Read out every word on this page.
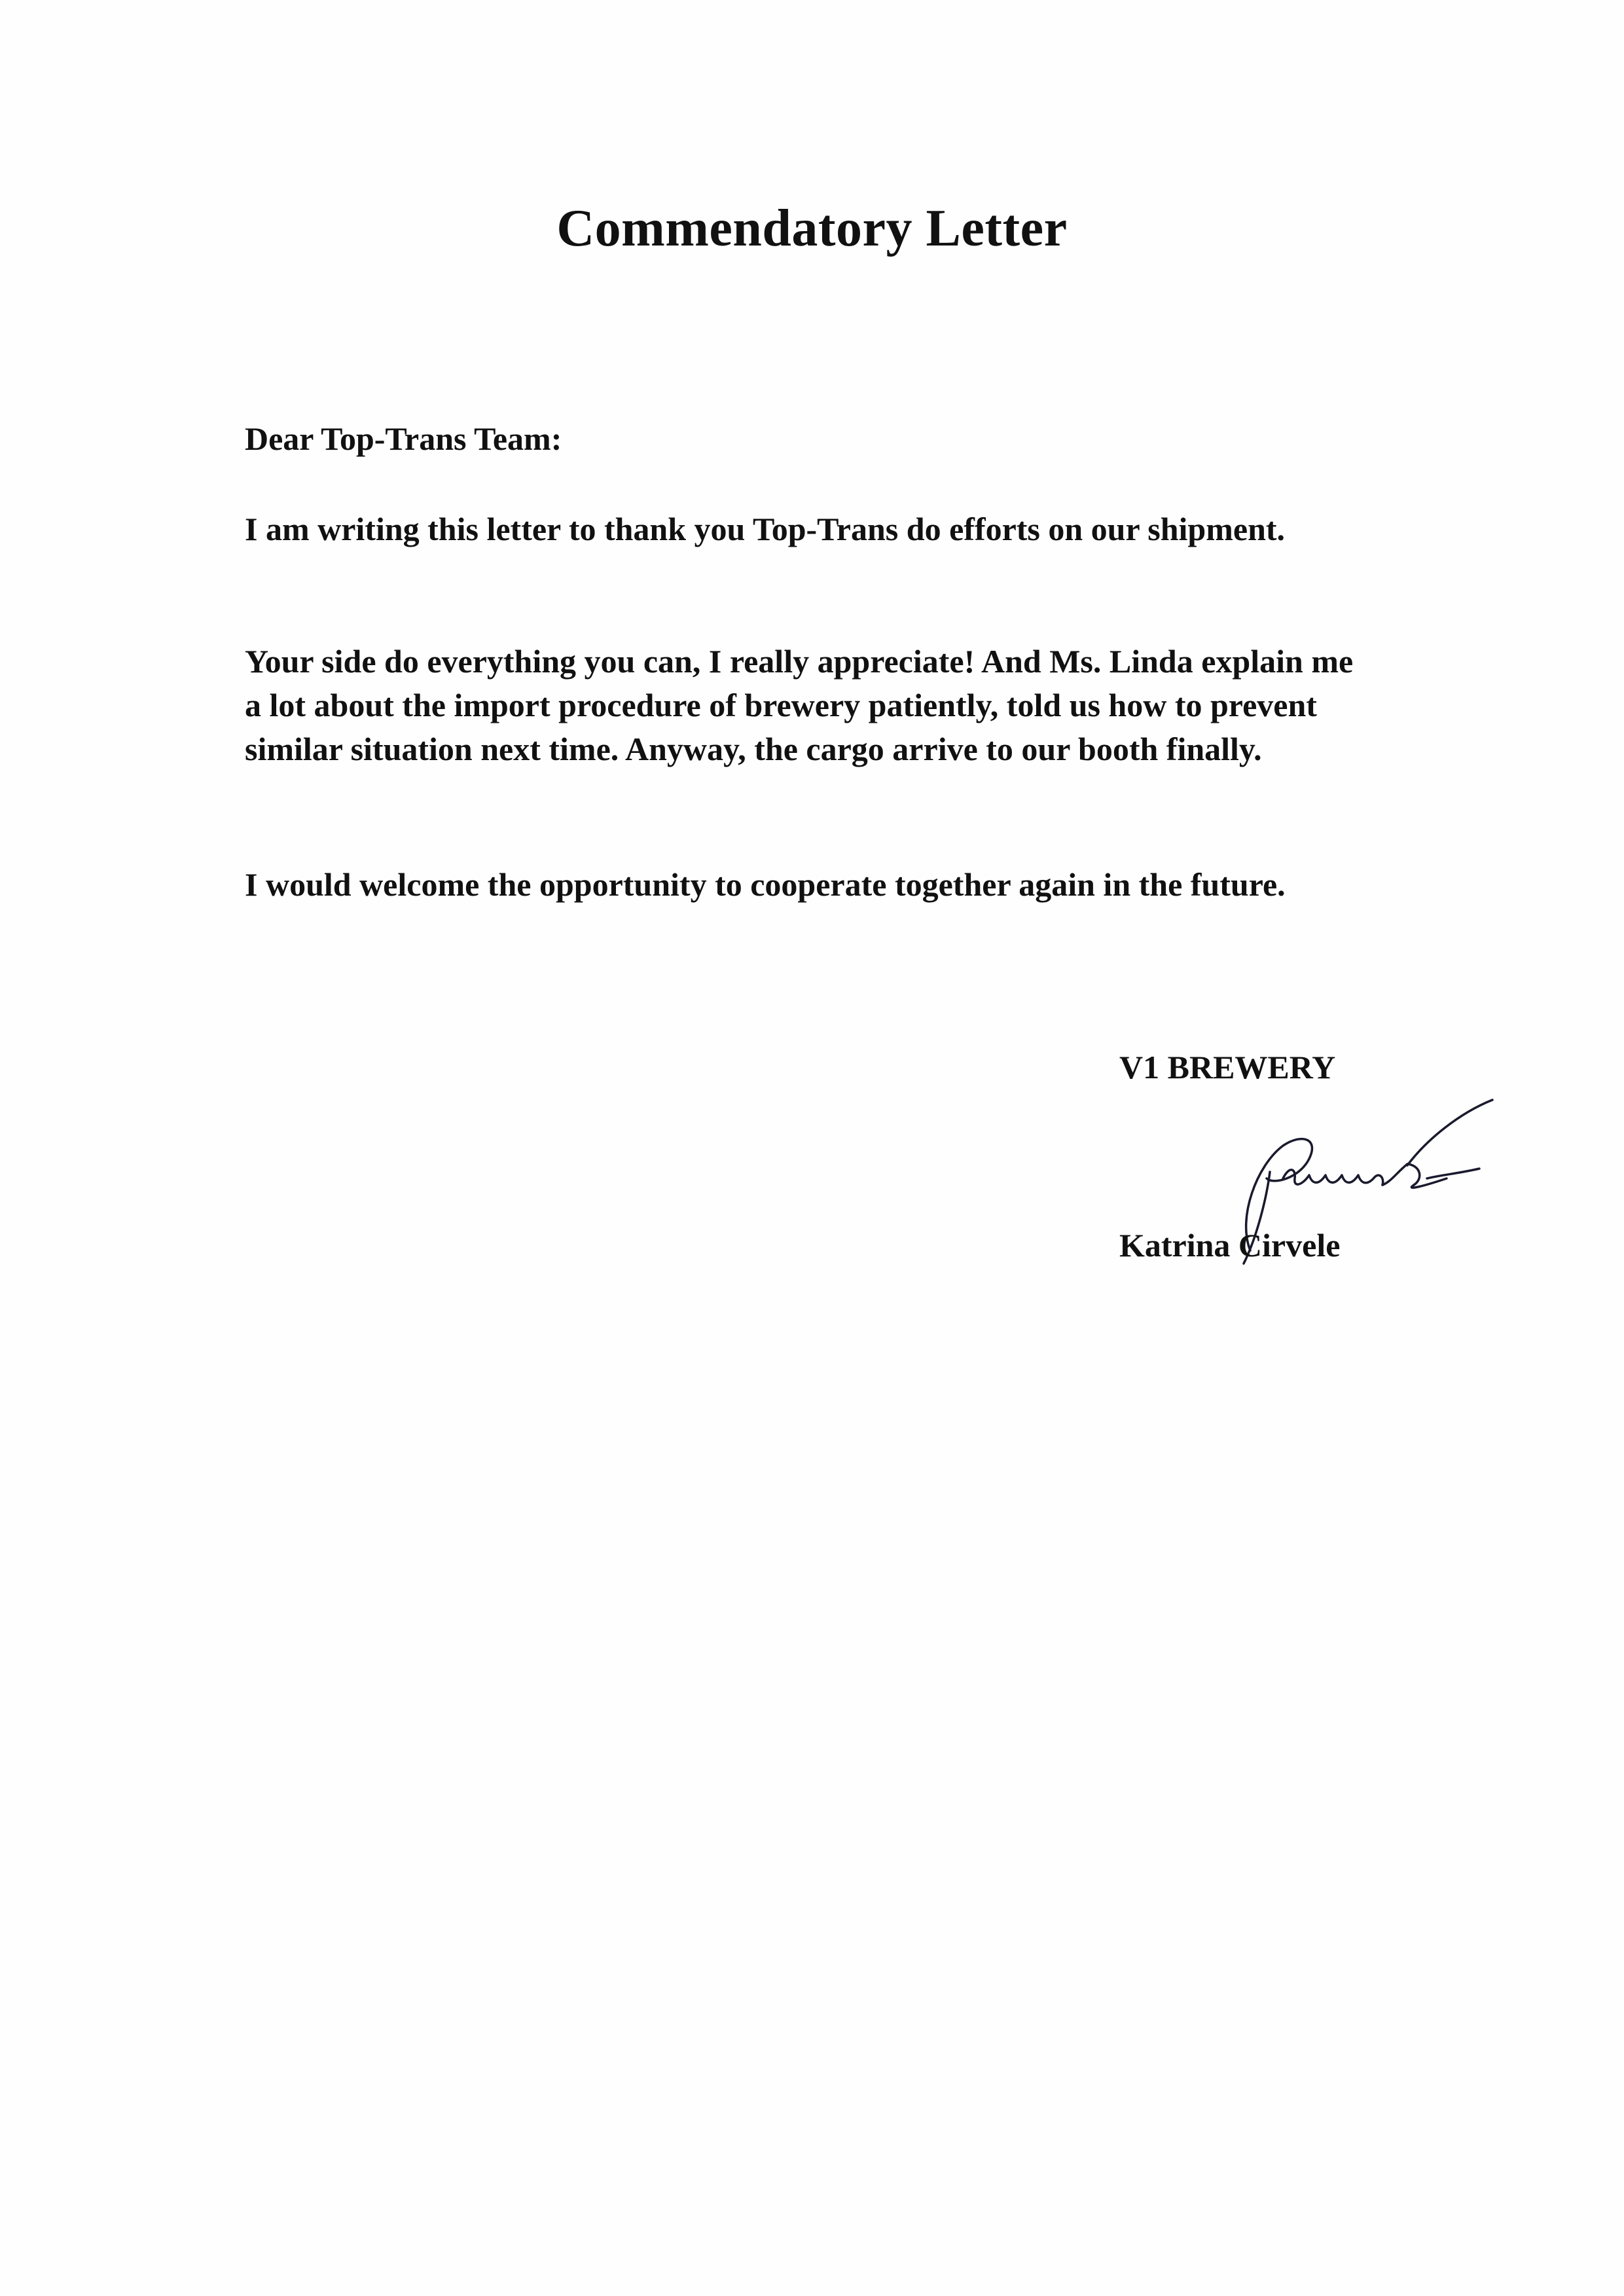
Commendatory Letter

Dear Top-Trans Team:

I am writing this letter to thank you Top-Trans do efforts on our shipment.

Your side do everything you can, I really appreciate! And Ms. Linda explain me a lot about the import procedure of brewery patiently, told us how to prevent similar situation next time. Anyway, the cargo arrive to our booth finally.

I would welcome the opportunity to cooperate together again in the future.

V1 BREWERY
Katrina Cirvele
